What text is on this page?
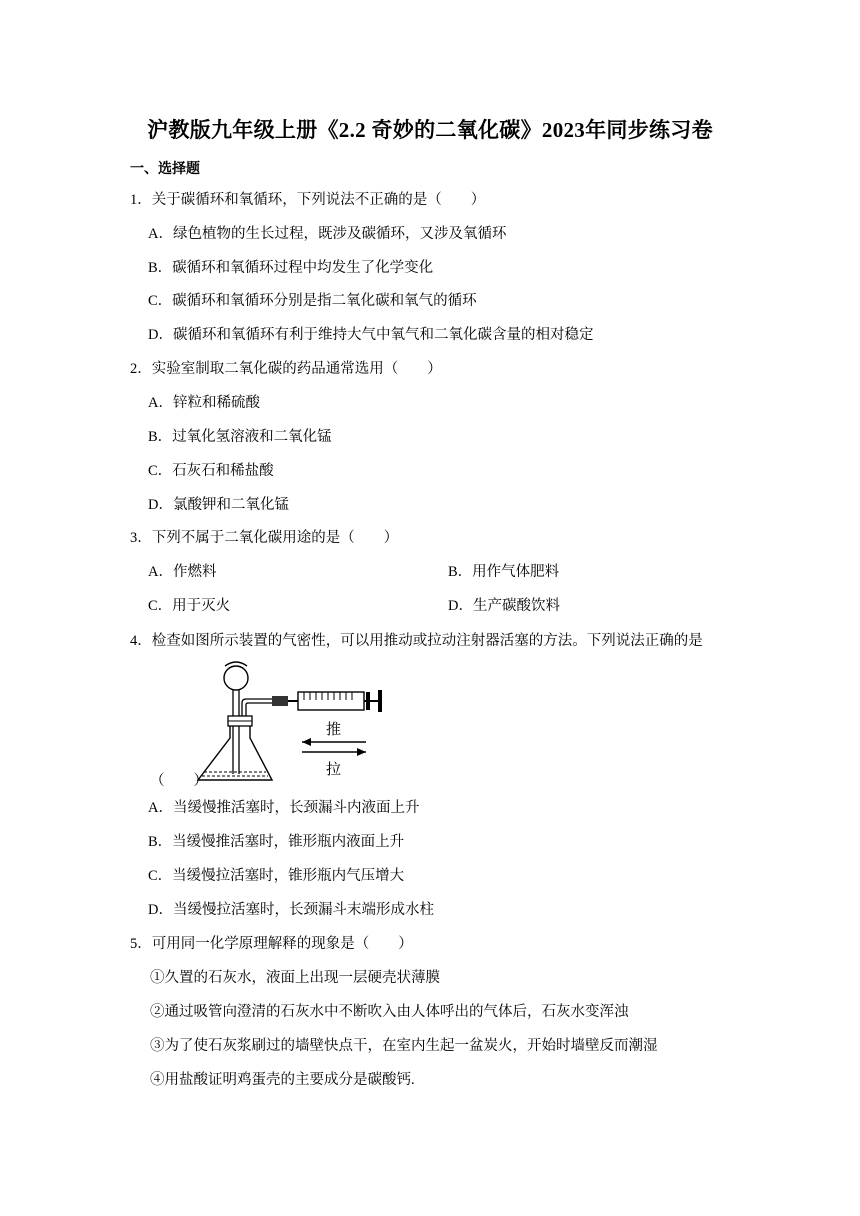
沪教版九年级上册《2.2 奇妙的二氧化碳》2023年同步练习卷
一、选择题
1．关于碳循环和氧循环，下列说法不正确的是（　　）
A．绿色植物的生长过程，既涉及碳循环，又涉及氧循环
B．碳循环和氧循环过程中均发生了化学变化
C．碳循环和氧循环分别是指二氧化碳和氧气的循环
D．碳循环和氧循环有利于维持大气中氧气和二氧化碳含量的相对稳定
2．实验室制取二氧化碳的药品通常选用（　　）
A．锌粒和稀硫酸
B．过氧化氢溶液和二氧化锰
C．石灰石和稀盐酸
D．氯酸钾和二氧化锰
3．下列不属于二氧化碳用途的是（　　）
A．作燃料	B．用作气体肥料
C．用于灭火	D．生产碳酸饮料
4．检查如图所示装置的气密性，可以用推动或拉动注射器活塞的方法。下列说法正确的是
推
拉
（　　）
A．当缓慢推活塞时，长颈漏斗内液面上升
B．当缓慢推活塞时，锥形瓶内液面上升
C．当缓慢拉活塞时，锥形瓶内气压增大
D．当缓慢拉活塞时，长颈漏斗末端形成水柱
5．可用同一化学原理解释的现象是（　　）
①久置的石灰水，液面上出现一层硬壳状薄膜
②通过吸管向澄清的石灰水中不断吹入由人体呼出的气体后，石灰水变浑浊
③为了使石灰浆刷过的墙壁快点干，在室内生起一盆炭火，开始时墙壁反而潮湿
④用盐酸证明鸡蛋壳的主要成分是碳酸钙.
